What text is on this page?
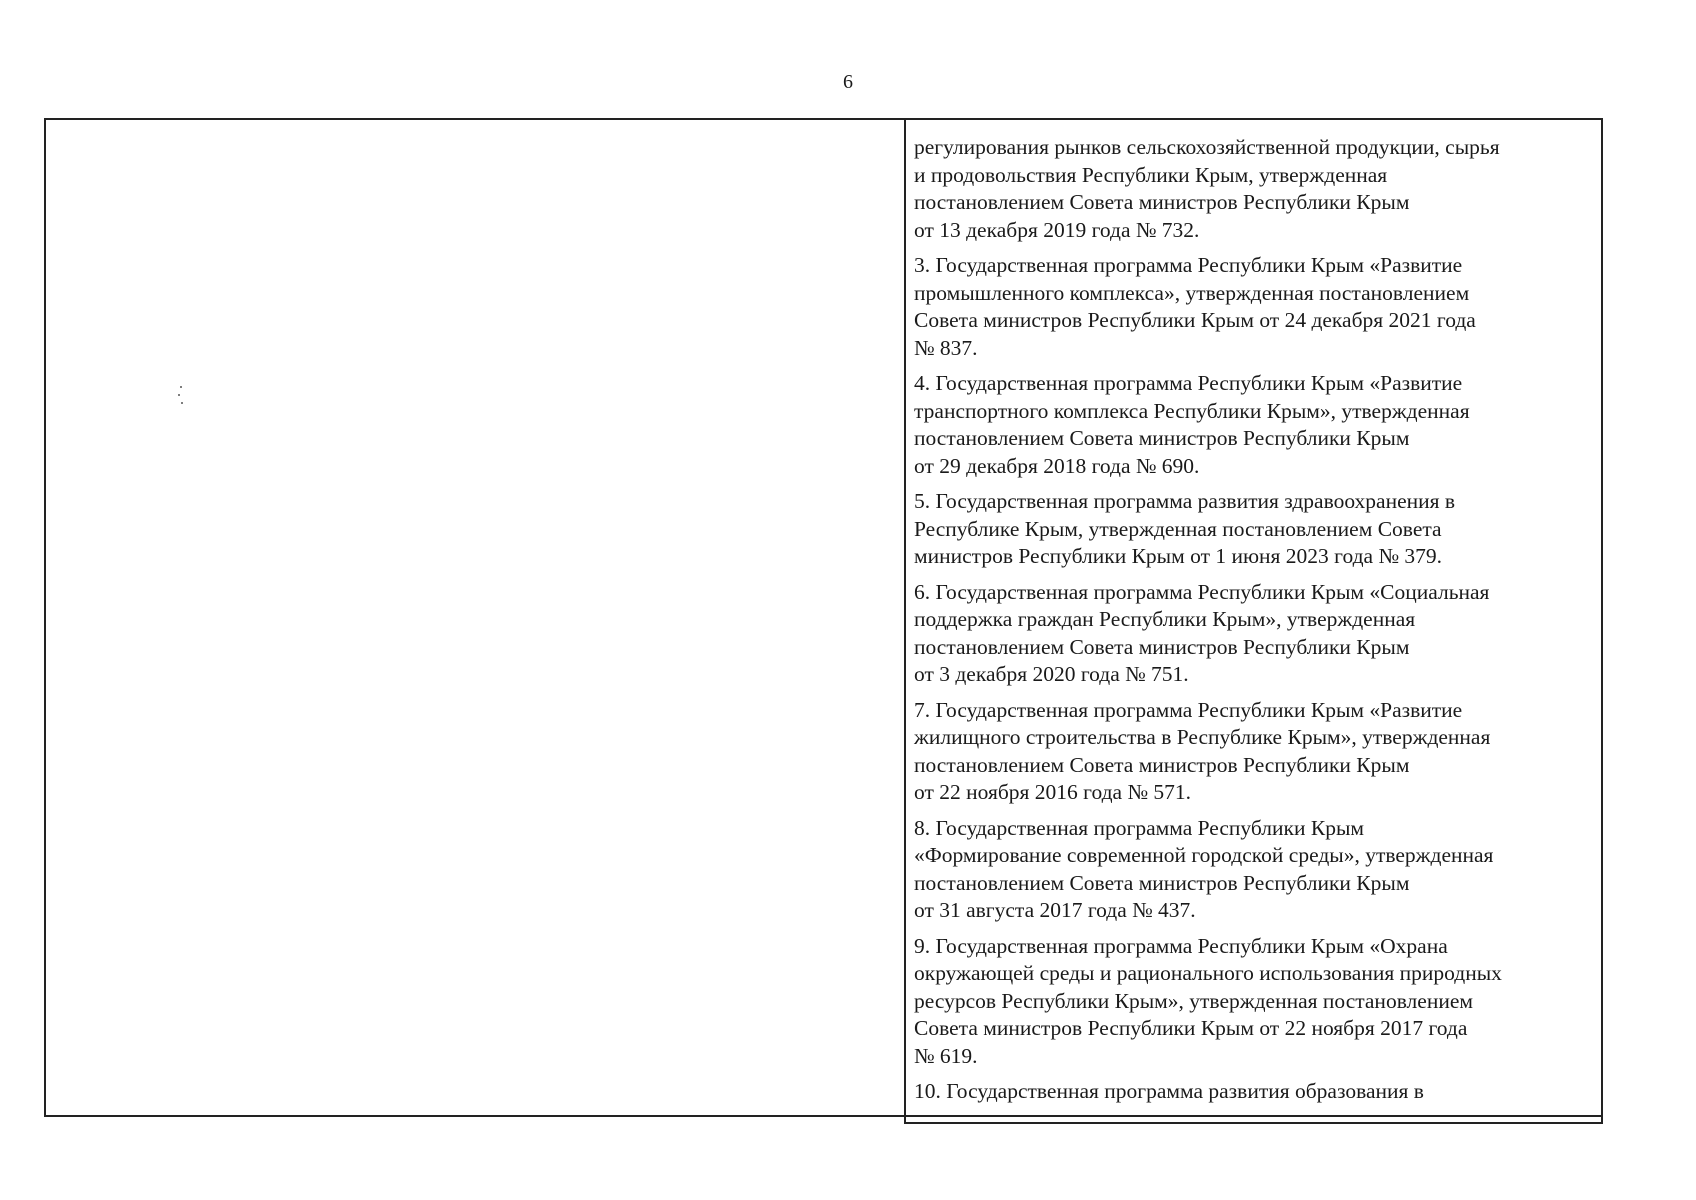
6
регулирования рынков сельскохозяйственной продукции, сырья
и продовольствия Республики Крым, утвержденная
постановлением Совета министров Республики Крым
от 13 декабря 2019 года № 732.
3. Государственная программа Республики Крым «Развитие
промышленного комплекса», утвержденная постановлением
Совета министров Республики Крым от 24 декабря 2021 года
№ 837.
4. Государственная программа Республики Крым «Развитие
транспортного комплекса Республики Крым», утвержденная
постановлением Совета министров Республики Крым
от 29 декабря 2018 года № 690.
5. Государственная программа развития здравоохранения в
Республике Крым, утвержденная постановлением Совета
министров Республики Крым от 1 июня 2023 года № 379.
6. Государственная программа Республики Крым «Социальная
поддержка граждан Республики Крым», утвержденная
постановлением Совета министров Республики Крым
от 3 декабря 2020 года № 751.
7. Государственная программа Республики Крым «Развитие
жилищного строительства в Республике Крым», утвержденная
постановлением Совета министров Республики Крым
от 22 ноября 2016 года № 571.
8. Государственная программа Республики Крым
«Формирование современной городской среды», утвержденная
постановлением Совета министров Республики Крым
от 31 августа 2017 года № 437.
9. Государственная программа Республики Крым «Охрана
окружающей среды и рационального использования природных
ресурсов Республики Крым», утвержденная постановлением
Совета министров Республики Крым от 22 ноября 2017 года
№ 619.
10. Государственная программа развития образования в
